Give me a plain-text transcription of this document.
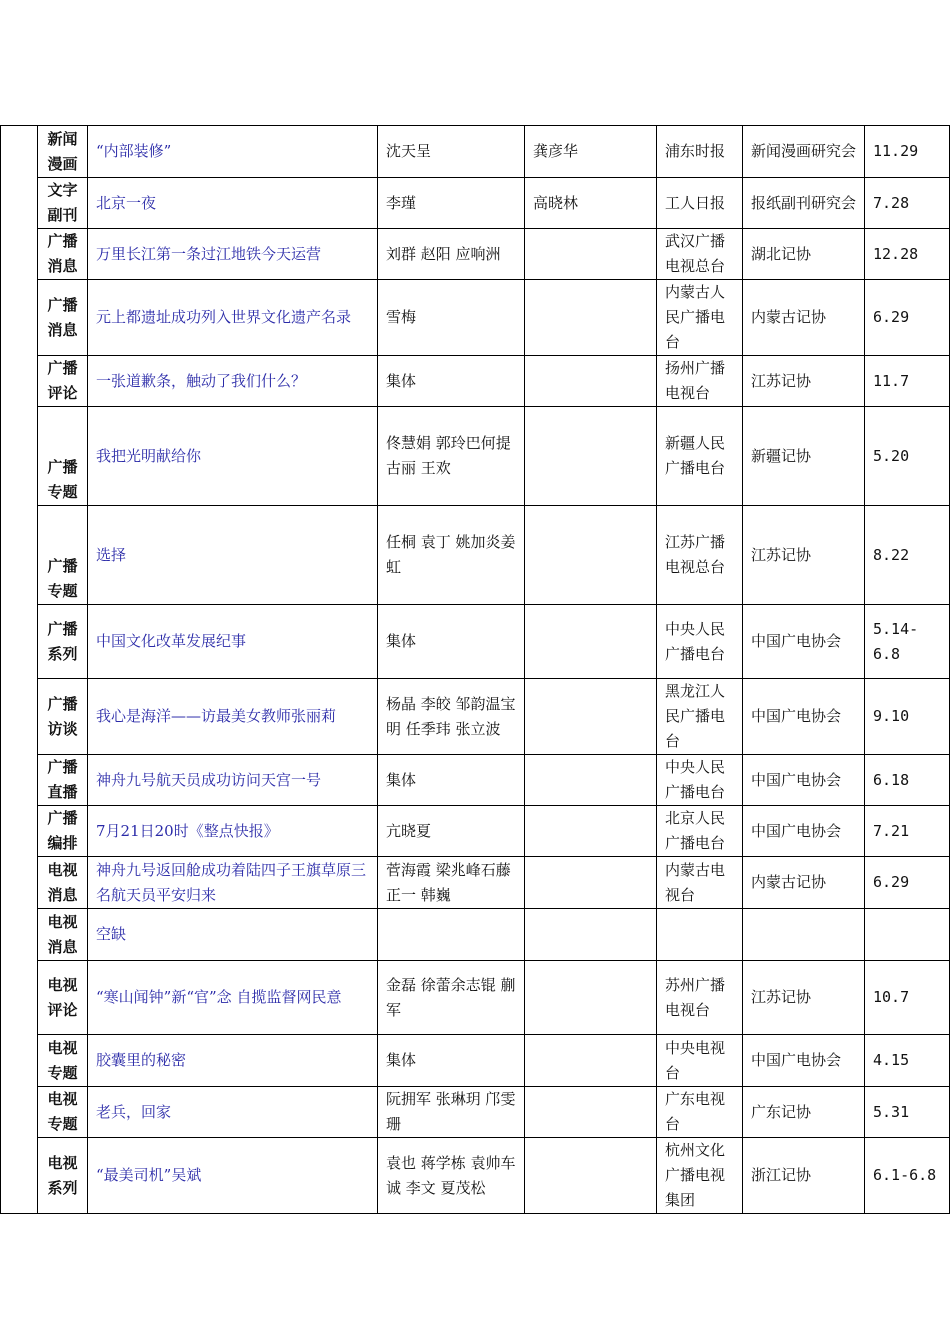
	新闻漫画	“内部装修”	沈天呈	龚彦华	浦东时报	新闻漫画研究会	11.29
	文字副刊	北京一夜	李瑾	高晓林	工人日报	报纸副刊研究会	7.28
	广播消息	万里长江第一条过江地铁今天运营	刘群 赵阳 应响洲		武汉广播电视总台	湖北记协	12.28
	广播消息	元上都遗址成功列入世界文化遗产名录	雪梅		内蒙古人民广播电台	内蒙古记协	6.29
	广播评论	一张道歉条，触动了我们什么？	集体		扬州广播电视台	江苏记协	11.7
	广播专题	我把光明献给你	佟慧娟 郭玲巴何提古丽 王欢		新疆人民广播电台	新疆记协	5.20
	广播专题	选择	任桐 袁丁 姚加炎姜虹		江苏广播电视总台	江苏记协	8.22
	广播系列	中国文化改革发展纪事	集体		中央人民广播电台	中国广电协会	5.14-6.8
	广播访谈	我心是海洋——访最美女教师张丽莉	杨晶 李皎 邹韵温宝明 任季玮 张立波		黑龙江人民广播电台	中国广电协会	9.10
	广播直播	神舟九号航天员成功访问天宫一号	集体		中央人民广播电台	中国广电协会	6.18
	广播编排	7月21日20时《整点快报》	亢晓夏		北京人民广播电台	中国广电协会	7.21
	电视消息	神舟九号返回舱成功着陆四子王旗草原三名航天员平安归来	菅海霞 梁兆峰石藤正一 韩巍		内蒙古电视台	内蒙古记协	6.29
	电视消息	空缺					
	电视评论	“寒山闻钟”新“官”念 自揽监督网民意	金磊 徐蕾余志锟 蒯军		苏州广播电视台	江苏记协	10.7
	电视专题	胶囊里的秘密	集体		中央电视台	中国广电协会	4.15
	电视专题	老兵，回家	阮拥军 张琳玥 邝雯珊		广东电视台	广东记协	5.31
	电视系列	“最美司机”吴斌	袁也 蒋学栋 袁帅车诚 李文 夏茂松		杭州文化广播电视集团	浙江记协	6.1-6.8
